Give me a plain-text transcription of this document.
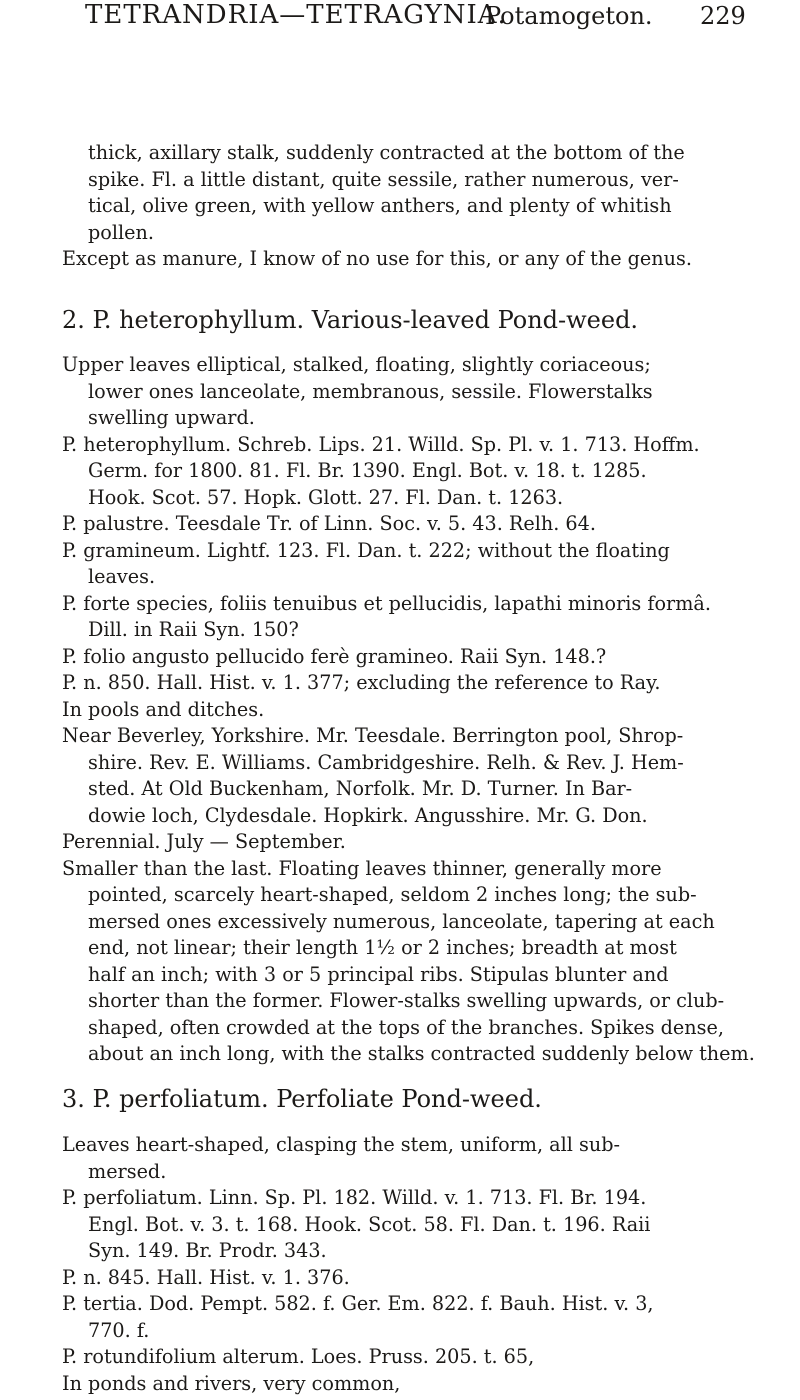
TETRANDRIA—TETRAGYNIA.
Potamogeton. 229
thick, axillary stalk, suddenly contracted at the bottom of the
spike. Fl. a little distant, quite sessile, rather numerous, ver-
tical, olive green, with yellow anthers, and plenty of whitish
pollen.
Except as manure, I know of no use for this, or any of the genus.
2. P. heterophyllum. Various-leaved Pond-weed.
Upper leaves elliptical, stalked, floating, slightly coriaceous;
lower ones lanceolate, membranous, sessile. Flowerstalks
swelling upward.
P. heterophyllum. Schreb. Lips. 21. Willd. Sp. Pl. v. 1. 713. Hoffm.
Germ. for 1800. 81. Fl. Br. 1390. Engl. Bot. v. 18. t. 1285.
Hook. Scot. 57. Hopk. Glott. 27. Fl. Dan. t. 1263.
P. palustre. Teesdale Tr. of Linn. Soc. v. 5. 43. Relh. 64.
P. gramineum. Lightf. 123. Fl. Dan. t. 222; without the floating
leaves.
P. forte species, foliis tenuibus et pellucidis, lapathi minoris formâ.
Dill. in Raii Syn. 150?
P. folio angusto pellucido ferè gramineo. Raii Syn. 148.?
P. n. 850. Hall. Hist. v. 1. 377; excluding the reference to Ray.
In pools and ditches.
Near Beverley, Yorkshire. Mr. Teesdale. Berrington pool, Shrop-
shire. Rev. E. Williams. Cambridgeshire. Relh. & Rev. J. Hem-
sted. At Old Buckenham, Norfolk. Mr. D. Turner. In Bar-
dowie loch, Clydesdale. Hopkirk. Angusshire. Mr. G. Don.
Perennial. July — September.
Smaller than the last. Floating leaves thinner, generally more
pointed, scarcely heart-shaped, seldom 2 inches long; the sub-
mersed ones excessively numerous, lanceolate, tapering at each
end, not linear; their length 1½ or 2 inches; breadth at most
half an inch; with 3 or 5 principal ribs. Stipulas blunter and
shorter than the former. Flower-stalks swelling upwards, or club-
shaped, often crowded at the tops of the branches. Spikes dense,
about an inch long, with the stalks contracted suddenly below them.
3. P. perfoliatum. Perfoliate Pond-weed.
Leaves heart-shaped, clasping the stem, uniform, all sub-
mersed.
P. perfoliatum. Linn. Sp. Pl. 182. Willd. v. 1. 713. Fl. Br. 194.
Engl. Bot. v. 3. t. 168. Hook. Scot. 58. Fl. Dan. t. 196. Raii
Syn. 149. Br. Prodr. 343.
P. n. 845. Hall. Hist. v. 1. 376.
P. tertia. Dod. Pempt. 582. f. Ger. Em. 822. f. Bauh. Hist. v. 3,
770. f.
P. rotundifolium alterum. Loes. Pruss. 205. t. 65,
In ponds and rivers, very common,
